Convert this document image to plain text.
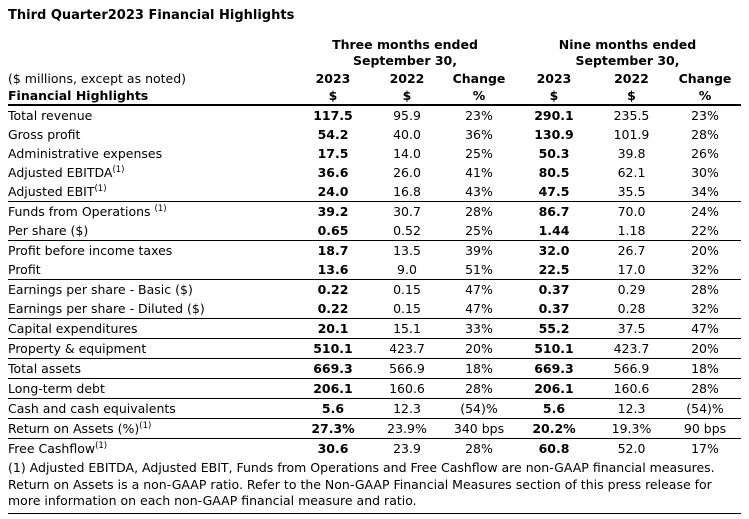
Third Quarter2023 Financial Highlights
	Three months ended
September 30,			Nine months ended
September 30,		
($ millions, except as noted)	2023	2022	Change	2023	2022	Change
Financial Highlights	$	$	%	$	$	%
Total revenue	117.5	95.9	23%	290.1	235.5	23%
Gross profit	54.2	40.0	36%	130.9	101.9	28%
Administrative expenses	17.5	14.0	25%	50.3	39.8	26%
Adjusted EBITDA$^{(1)}$	36.6	26.0	41%	80.5	62.1	30%
Adjusted EBIT$^{(1)}$	24.0	16.8	43%	47.5	35.5	34%
Funds from Operations $^{(1)}$	39.2	30.7	28%	86.7	70.0	24%
Per share ($)	0.65	0.52	25%	1.44	1.18	22%
Profit before income taxes	18.7	13.5	39%	32.0	26.7	20%
Profit	13.6	9.0	51%	22.5	17.0	32%
Earnings per share - Basic ($)	0.22	0.15	47%	0.37	0.29	28%
Earnings per share - Diluted ($)	0.22	0.15	47%	0.37	0.28	32%
Capital expenditures	20.1	15.1	33%	55.2	37.5	47%
Property & equipment	510.1	423.7	20%	510.1	423.7	20%
Total assets	669.3	566.9	18%	669.3	566.9	18%
Long-term debt	206.1	160.6	28%	206.1	160.6	28%
Cash and cash equivalents	5.6	12.3	(54)%	5.6	12.3	(54)%
Return on Assets (%)$^{(1)}$	27.3%	23.9%	340 bps	20.2%	19.3%	90 bps
Free Cashflow$^{(1)}$	30.6	23.9	28%	60.8	52.0	17%
(1) Adjusted EBITDA, Adjusted EBIT, Funds from Operations and Free Cashflow are non-GAAP financial measures. Return on Assets is a non-GAAP ratio. Refer to the Non-GAAP Financial Measures section of this press release for more information on each non-GAAP financial measure and ratio.
